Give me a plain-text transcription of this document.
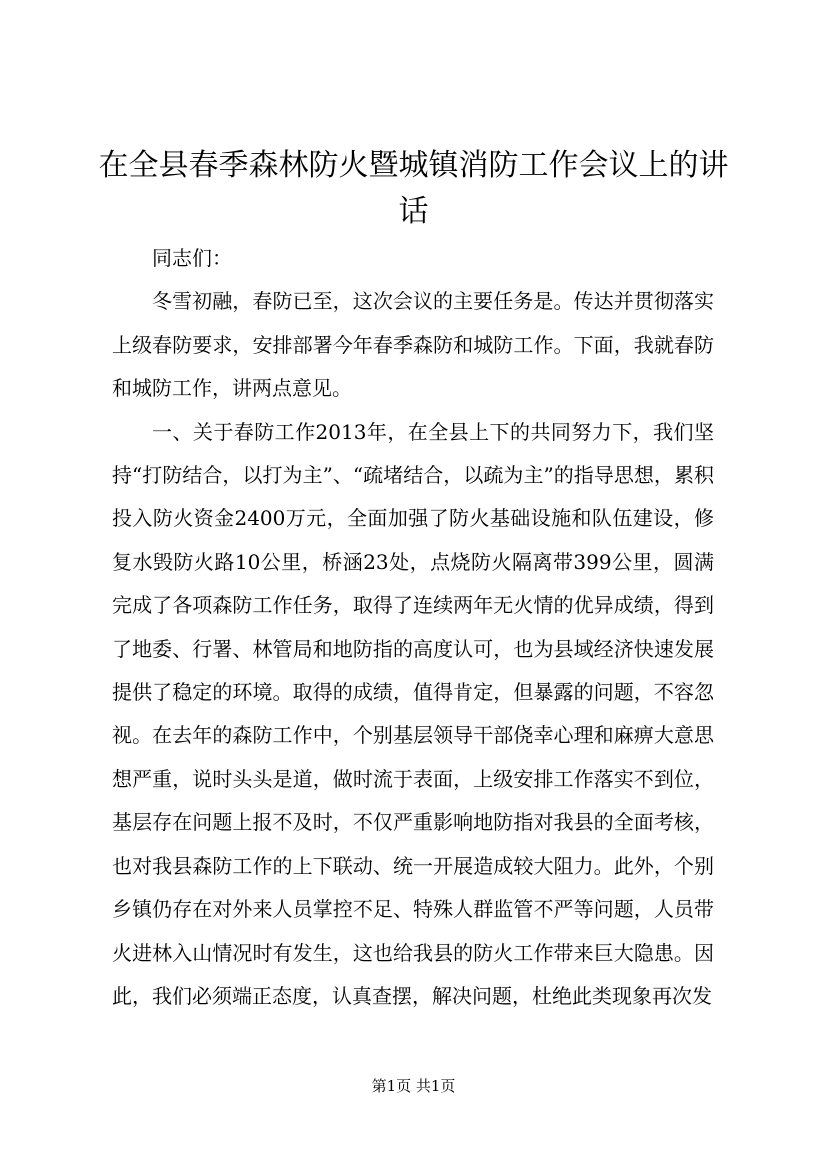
在全县春季森林防火暨城镇消防工作会议上的讲话

同志们：

冬雪初融，春防已至，这次会议的主要任务是。传达并贯彻落实上级春防要求，安排部署今年春季森防和城防工作。下面，我就春防和城防工作，讲两点意见。

一、关于春防工作2013年，在全县上下的共同努力下，我们坚持“打防结合，以打为主”、“疏堵结合，以疏为主”的指导思想，累积投入防火资金2400万元，全面加强了防火基础设施和队伍建设，修复水毁防火路10公里，桥涵23处，点烧防火隔离带399公里，圆满完成了各项森防工作任务，取得了连续两年无火情的优异成绩，得到了地委、行署、林管局和地防指的高度认可，也为县域经济快速发展提供了稳定的环境。取得的成绩，值得肯定，但暴露的问题，不容忽视。在去年的森防工作中，个别基层领导干部侥幸心理和麻痹大意思想严重，说时头头是道，做时流于表面，上级安排工作落实不到位，基层存在问题上报不及时，不仅严重影响地防指对我县的全面考核，也对我县森防工作的上下联动、统一开展造成较大阻力。此外，个别乡镇仍存在对外来人员掌控不足、特殊人群监管不严等问题，人员带火进林入山情况时有发生，这也给我县的防火工作带来巨大隐患。因此，我们必须端正态度，认真查摆，解决问题，杜绝此类现象再次发

第1页 共1页
